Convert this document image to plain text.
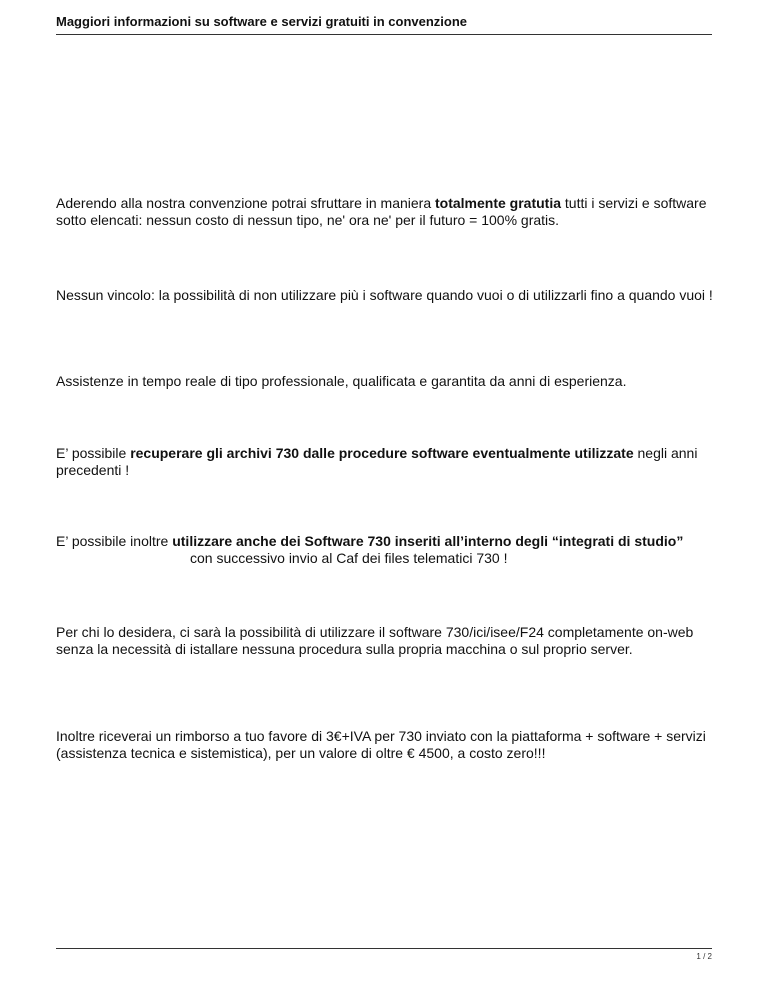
Maggiori informazioni su software e servizi gratuiti in convenzione

Aderendo alla nostra convenzione potrai sfruttare in maniera totalmente gratutia tutti i servizi e software sotto elencati: nessun costo di nessun tipo, ne' ora ne' per il futuro = 100% gratis.

Nessun vincolo: la possibilità di non utilizzare più i software quando vuoi o di utilizzarli fino a quando vuoi !

Assistenze in tempo reale di tipo professionale, qualificata e garantita da anni di esperienza.

E’ possibile recuperare gli archivi 730 dalle procedure software eventualmente utilizzate negli anni precedenti !

E’ possibile inoltre utilizzare anche dei Software 730 inseriti all’interno degli “integrati di studio”con successivo invio al Caf dei files telematici 730 !

Per chi lo desidera, ci sarà la possibilità di utilizzare il software 730/ici/isee/F24 completamente on-web senza la necessità di istallare nessuna procedura sulla propria macchina o sul proprio server.

Inoltre riceverai un rimborso a tuo favore di 3€+IVA per 730 inviato con la piattaforma + software + servizi (assistenza tecnica e sistemistica), per un valore di oltre € 4500, a costo zero!!!

1 / 2
